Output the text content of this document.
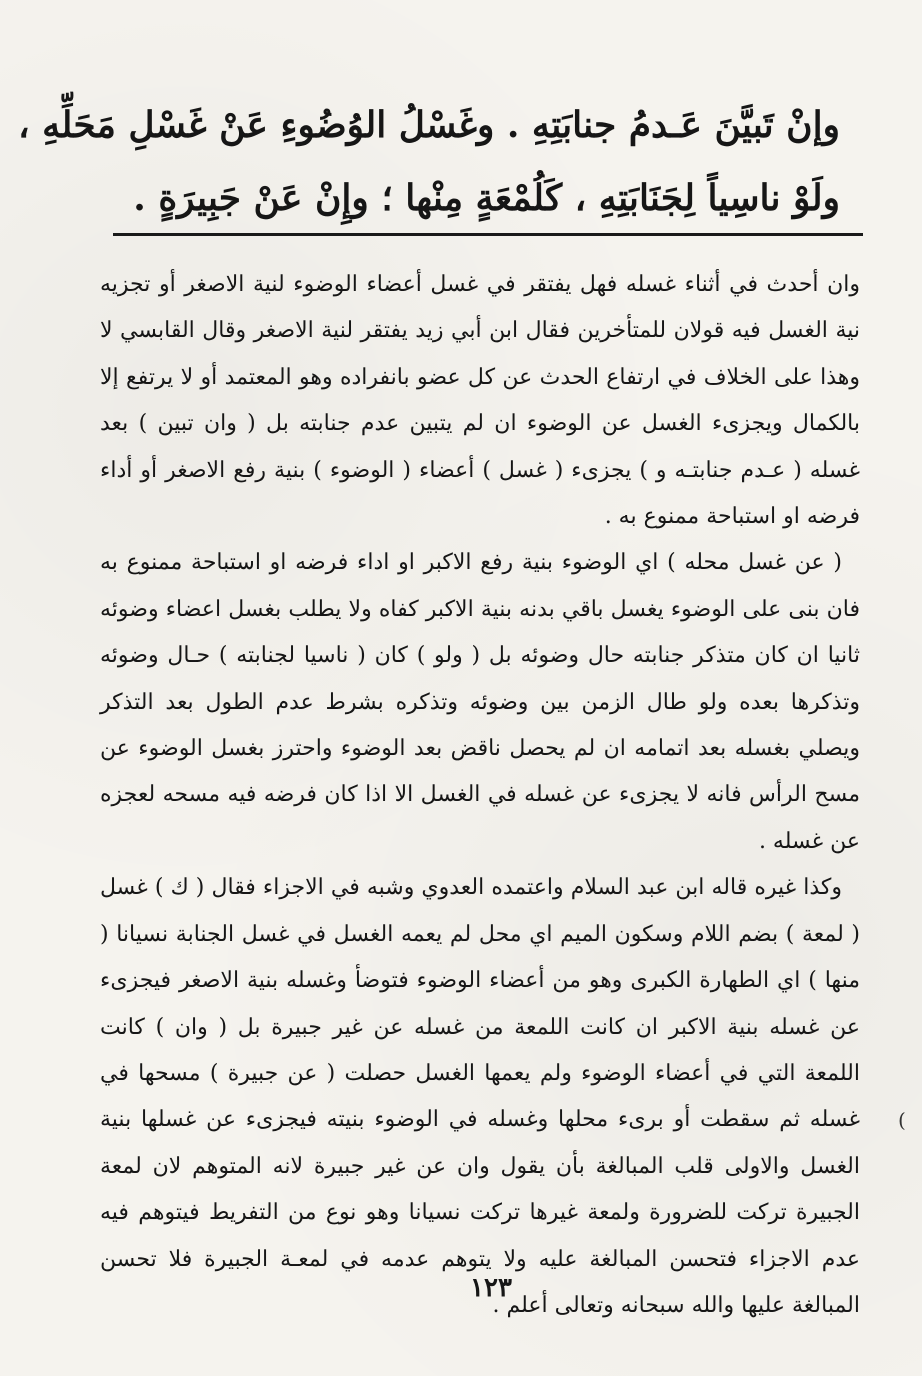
وإنْ تَبيَّنَ عَـدمُ جنابَتِهِ . وغَسْلُ الوُضُوءِ عَنْ غَسْلِ مَحَلِّهِ ،
ولَوْ ناسِياً لِجَنَابَتِهِ ، كَلُمْعَةٍ مِنْها ؛ وإِنْ عَنْ جَبِيرَةٍ .

وان أحدث في أثناء غسله فهل يفتقر في غسل أعضاء الوضوء لنية الاصغر أو تجزيه نية الغسل فيه قولان للمتأخرين فقال ابن أبي زيد يفتقر لنية الاصغر وقال القابسي لا وهذا على الخلاف في ارتفاع الحدث عن كل عضو بانفراده وهو المعتمد أو لا يرتفع إلا بالكمال ويجزىء الغسل عن الوضوء ان لم يتبين عدم جنابته بل ( وان تبين ) بعد غسله ( عـدم جنابتـه و ) يجزىء ( غسل ) أعضاء ( الوضوء ) بنية رفع الاصغر أو أداء فرضه او استباحة ممنوع به .

( عن غسل محله ) اي الوضوء بنية رفع الاكبر او اداء فرضه او استباحة ممنوع به فان بنى على الوضوء يغسل باقي بدنه بنية الاكبر كفاه ولا يطلب بغسل اعضاء وضوئه ثانيا ان كان متذكر جنابته حال وضوئه بل ( ولو ) كان ( ناسيا لجنابته ) حـال وضوئه وتذكرها بعده ولو طال الزمن بين وضوئه وتذكره بشرط عدم الطول بعد التذكر ويصلي بغسله بعد اتمامه ان لم يحصل ناقض بعد الوضوء واحترز بغسل الوضوء عن مسح الرأس فانه لا يجزىء عن غسله في الغسل الا اذا كان فرضه فيه مسحه لعجزه عن غسله .

وكذا غيره قاله ابن عبد السلام واعتمده العدوي وشبه في الاجزاء فقال ( ك ) غسل ( لمعة ) بضم اللام وسكون الميم اي محل لم يعمه الغسل في غسل الجنابة نسيانا ( منها ) اي الطهارة الكبرى وهو من أعضاء الوضوء فتوضأ وغسله بنية الاصغر فيجزىء عن غسله بنية الاكبر ان كانت اللمعة من غسله عن غير جبيرة بل ( وان ) كانت اللمعة التي في أعضاء الوضوء ولم يعمها الغسل حصلت ( عن جبيرة ) مسحها في غسله ثم سقطت أو برىء محلها وغسله في الوضوء بنيته فيجزىء عن غسلها بنية الغسل والاولى قلب المبالغة بأن يقول وان عن غير جبيرة لانه المتوهم لان لمعة الجبيرة تركت للضرورة ولمعة غيرها تركت نسيانا وهو نوع من التفريط فيتوهم فيه عدم الاجزاء فتحسن المبالغة عليه ولا يتوهم عدمه في لمعـة الجبيرة فلا تحسن المبالغة عليها والله سبحانه وتعالى أعلم .

١٢٣
(
